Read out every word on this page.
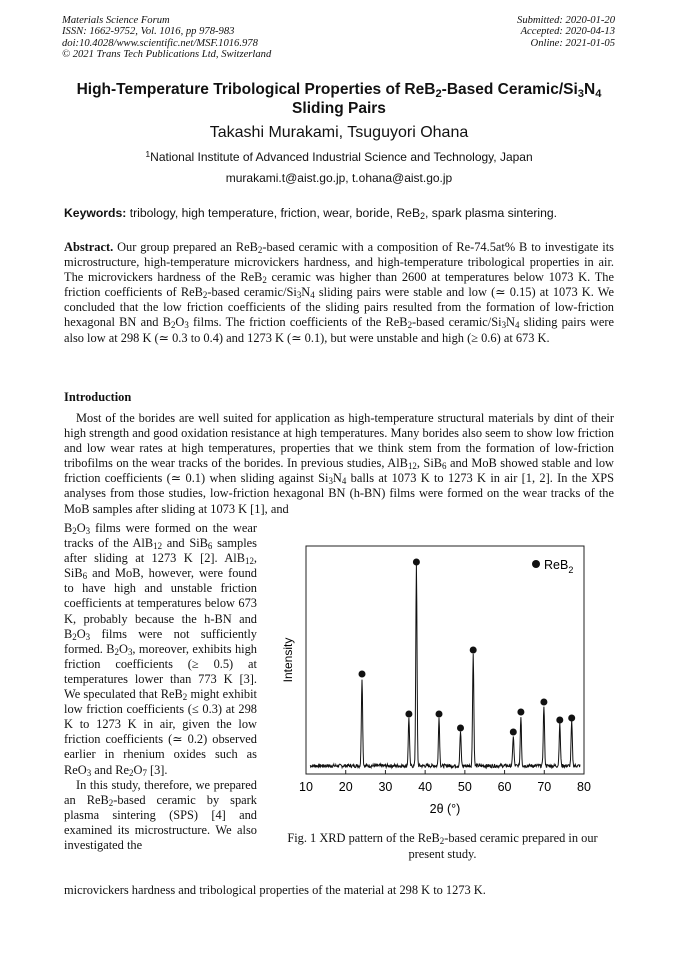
Materials Science Forum
ISSN: 1662-9752, Vol. 1016, pp 978-983
doi:10.4028/www.scientific.net/MSF.1016.978
© 2021 Trans Tech Publications Ltd, Switzerland
Submitted: 2020-01-20
Accepted: 2020-04-13
Online: 2021-01-05
High-Temperature Tribological Properties of ReB$_2$-Based Ceramic/$Si_3N_4$
Sliding Pairs
Takashi Murakami, Tsuguyori Ohana
$^1$National Institute of Advanced Industrial Science and Technology, Japan
murakami.t@aist.go.jp, t.ohana@aist.go.jp
Keywords: tribology, high temperature, friction, wear, boride, ReB$_2$, spark plasma sintering.
Abstract. Our group prepared an ReB$_2$-based ceramic with a composition of Re-74.5at% B to investigate its microstructure, high-temperature microvickers hardness, and high-temperature tribological properties in air. The microvickers hardness of the ReB$_2$ ceramic was higher than 2600 at temperatures below 1073 K. The friction coefficients of ReB$_2$-based ceramic/$Si_3N_4$ sliding pairs were stable and low (≃ 0.15) at 1073 K. We concluded that the low friction coefficients of the sliding pairs resulted from the formation of low-friction hexagonal BN and $B_2O_3$ films. The friction coefficients of the ReB$_2$-based ceramic/$Si_3N_4$ sliding pairs were also low at 298 K (≃ 0.3 to 0.4) and 1273 K (≃ 0.1), but were unstable and high (≥ 0.6) at 673 K.
Introduction
Most of the borides are well suited for application as high-temperature structural materials by dint of their high strength and good oxidation resistance at high temperatures. Many borides also seem to show low friction and low wear rates at high temperatures, properties that we think stem from the formation of low-friction tribofilms on the wear tracks of the borides. In previous studies, AlB$_{12}$, SiB$_6$ and MoB showed stable and low friction coefficients (≃ 0.1) when sliding against $Si_3N_4$ balls at 1073 K to 1273 K in air [1, 2]. In the XPS analyses from those studies, low-friction hexagonal BN (h-BN) films were formed on the wear tracks of the MoB samples after sliding at 1073 K [1], and

$B_2O_3$ films were formed on the wear tracks of the AlB$_{12}$ and SiB$_6$ samples after sliding at 1273 K [2]. AlB$_{12}$, SiB$_6$ and MoB, however, were found to have high and unstable friction coefficients at temperatures below 673 K, probably because the h-BN and $B_2O_3$ films were not sufficiently formed. $B_2O_3$, moreover, exhibits high friction coefficients (≥ 0.5) at temperatures lower than 773 K [3]. We speculated that ReB$_2$ might exhibit low friction coefficients (≤ 0.3) at 298 K to 1273 K in air, given the low friction coefficients (≃ 0.2) observed earlier in rhenium oxides such as ReO$_3$ and $Re_2O_7$ [3].

In this study, therefore, we prepared an ReB$_2$-based ceramic by spark plasma sintering (SPS) [4] and examined its microstructure. We also investigated the

microvickers hardness and tribological properties of the material at 298 K to 1273 K.
10 20 30 40 50 60 70 80
ReB$_2$
Intensity
2θ (°)
Fig. 1 XRD pattern of the ReB$_2$-based ceramic prepared in our present study.
